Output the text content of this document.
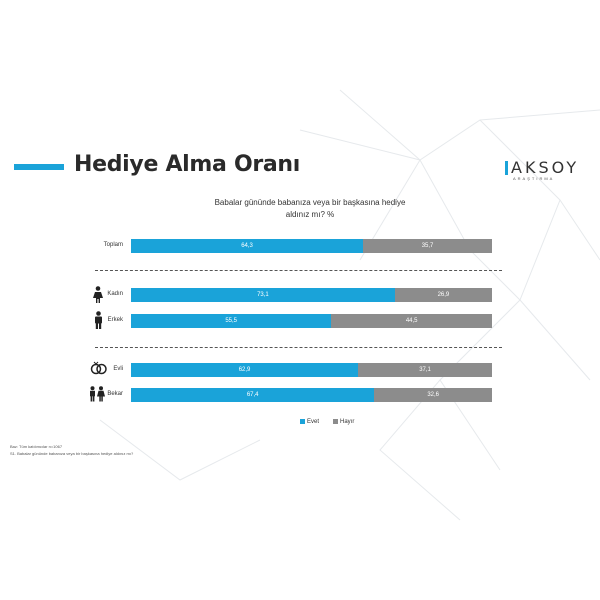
Hediye Alma Oranı	AKSOY
ARAŞTIRMA
Babalar gününde babanıza veya bir başkasına hediye
aldınız mı? %
Toplam	64,3	35,7
Kadın	73,1	26,9
Erkek	55,5	44,5
Evli	62,9	37,1
Bekar	67,4	32,6
Evet	Hayır
Baz: Tüm katılımcılar n=1067
S1. Babalar gününde babanıza veya bir başkasına hediye aldınız mı?
